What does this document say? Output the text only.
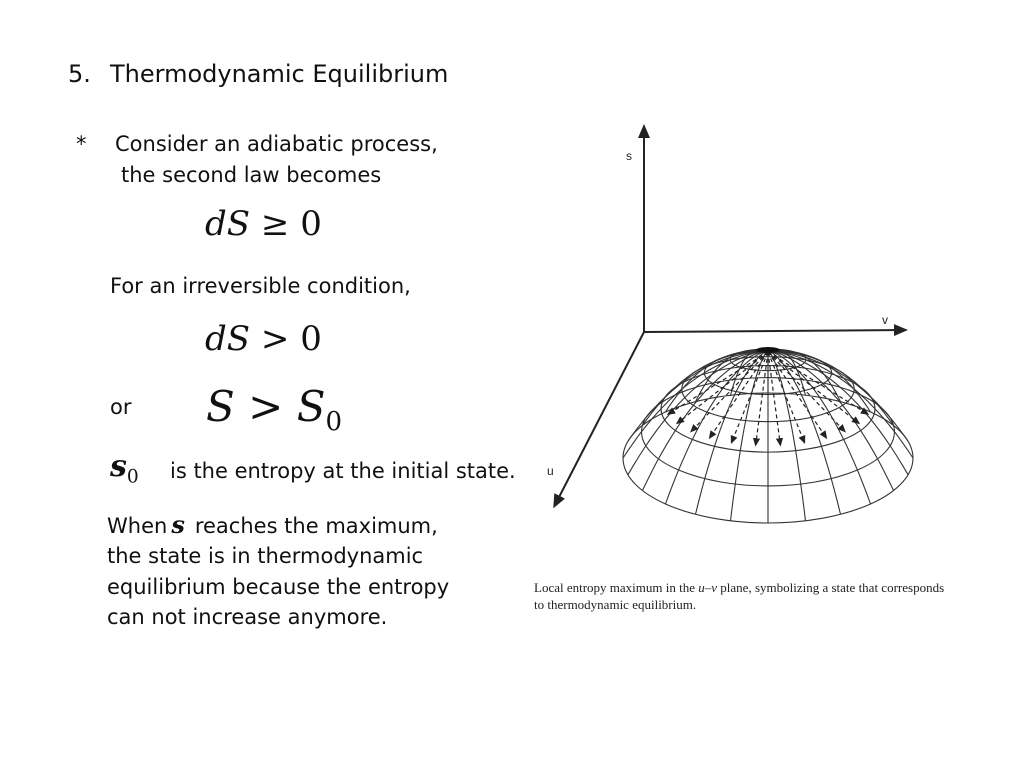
5. Thermodynamic Equilibrium
* Consider an adiabatic process,
the second law becomes
dS ≥ 0
For an irreversible condition,
dS > 0
or $S > S_0$
$s_0$ is the entropy at the initial state.
When s reaches the maximum,
the state is in thermodynamic
equilibrium because the entropy
can not increase anymore.
s
v
u
Local entropy maximum in the u–v plane, symbolizing a state that corresponds
to thermodynamic equilibrium.
